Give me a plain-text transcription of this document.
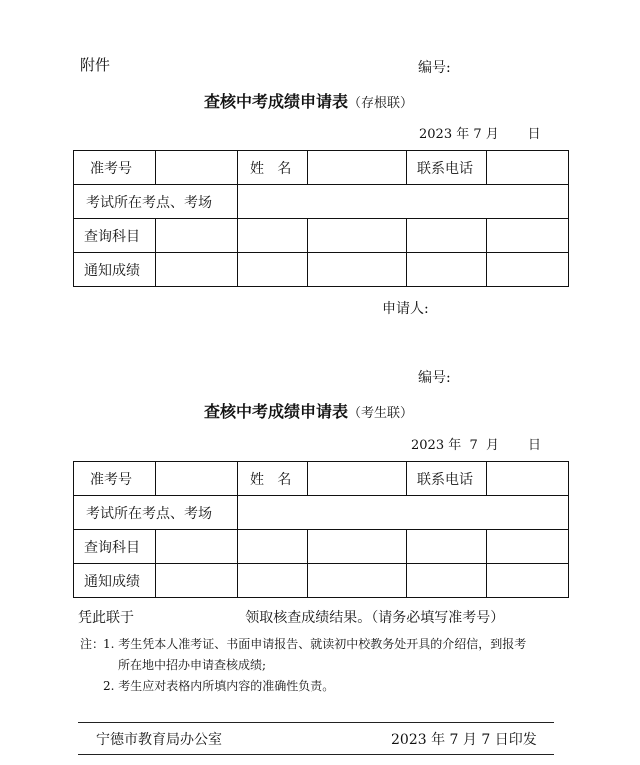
附件	编号:
查核中考成绩申请表（存根联）
2023 年 7 月       日
准考号		姓   名		联系电话	
考试所在考点、考场					
查询科目					
通知成绩					
申请人:
编号:
查核中考成绩申请表（考生联）
2023 年  7  月       日
准考号		姓   名		联系电话	
考试所在考点、考场					
查询科目					
通知成绩					
凭此联于                         领取核查成绩结果。（请务必填写准考号）
注：
1. 考生凭本人准考证、书面申请报告、就读初中校教务处开具的介绍信，到报考
所在地中招办申请查核成绩;
2. 考生应对表格内所填内容的准确性负责。
宁德市教育局办公室	2023 年 7 月 7 日印发
